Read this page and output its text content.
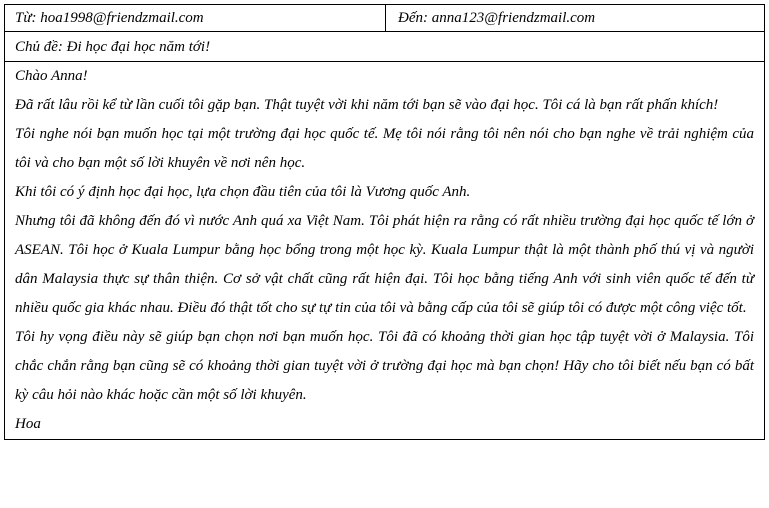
Từ: hoa1998@friendzmail.com	Đến: anna123@friendzmail.com
Chủ đề: Đi học đại học năm tới!

Chào Anna!

Đã rất lâu rồi kể từ lần cuối tôi gặp bạn. Thật tuyệt vời khi năm tới bạn sẽ vào đại học. Tôi cá là bạn rất phấn khích!

Tôi nghe nói bạn muốn học tại một trường đại học quốc tế. Mẹ tôi nói rằng tôi nên nói cho bạn nghe về trải nghiệm của tôi và cho bạn một số lời khuyên về nơi nên học.

Khi tôi có ý định học đại học, lựa chọn đầu tiên của tôi là Vương quốc Anh.

Nhưng tôi đã không đến đó vì nước Anh quá xa Việt Nam. Tôi phát hiện ra rằng có rất nhiều trường đại học quốc tế lớn ở ASEAN. Tôi học ở Kuala Lumpur bằng học bổng trong một học kỳ. Kuala Lumpur thật là một thành phố thú vị và người dân Malaysia thực sự thân thiện. Cơ sở vật chất cũng rất hiện đại. Tôi học bằng tiếng Anh với sinh viên quốc tế đến từ nhiều quốc gia khác nhau. Điều đó thật tốt cho sự tự tin của tôi và bằng cấp của tôi sẽ giúp tôi có được một công việc tốt.

Tôi hy vọng điều này sẽ giúp bạn chọn nơi bạn muốn học. Tôi đã có khoảng thời gian học tập tuyệt vời ở Malaysia. Tôi chắc chắn rằng bạn cũng sẽ có khoảng thời gian tuyệt vời ở trường đại học mà bạn chọn! Hãy cho tôi biết nếu bạn có bất kỳ câu hỏi nào khác hoặc cần một số lời khuyên.

Hoa
